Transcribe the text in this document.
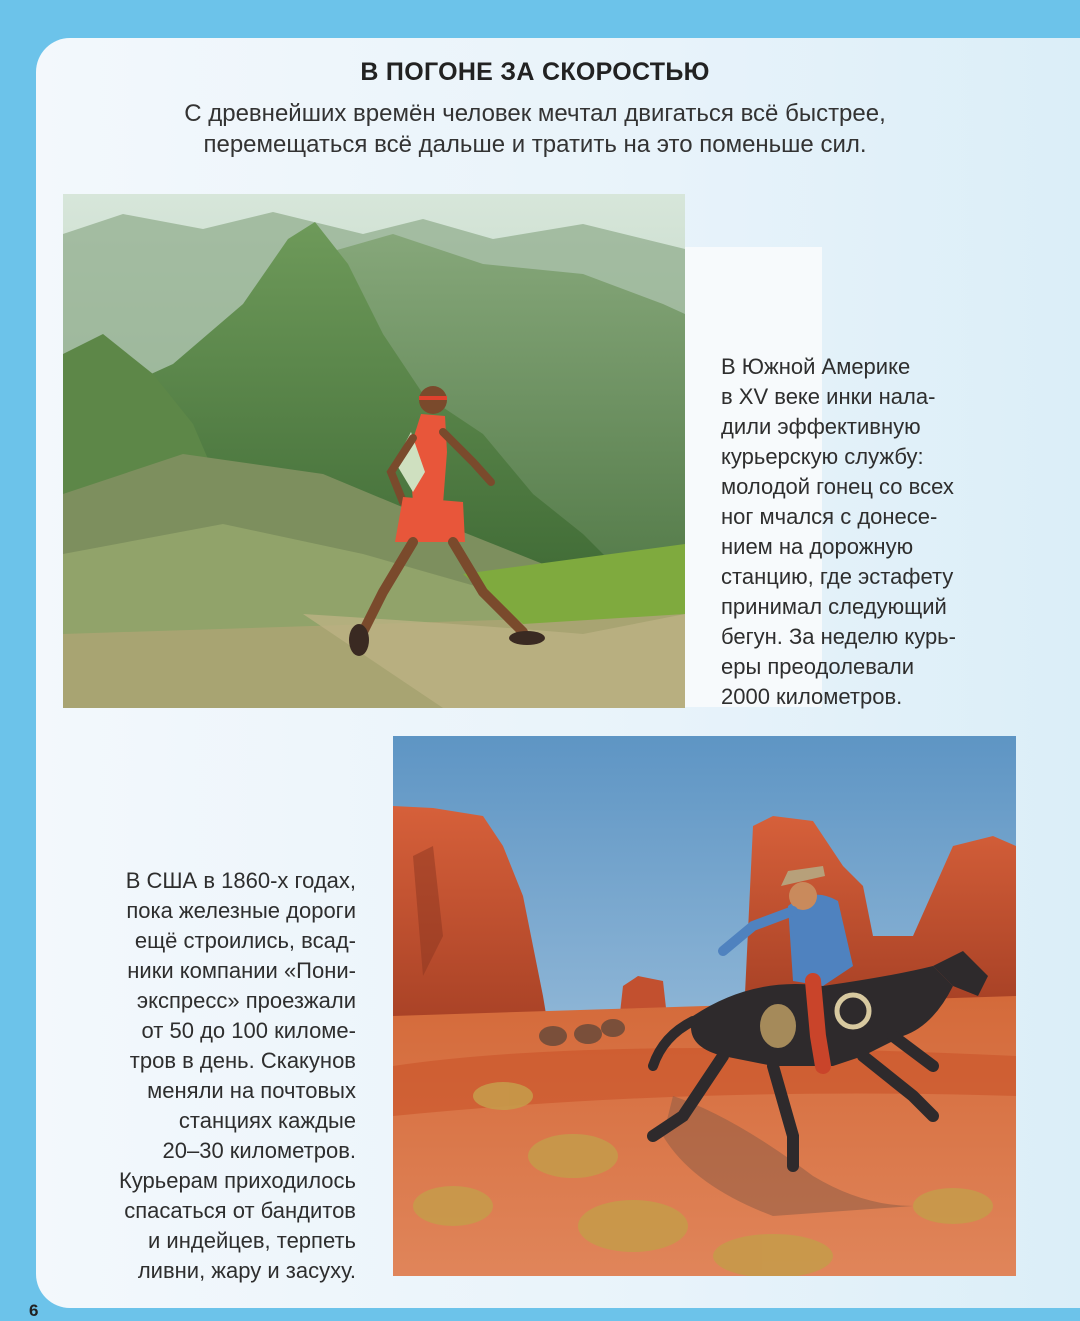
В ПОГОНЕ ЗА СКОРОСТЬЮ
С древнейших времён человек мечтал двигаться всё быстрее,
перемещаться всё дальше и тратить на это поменьше сил.
В Южной Америке
в XV веке инки нала-
дили эффективную
курьерскую службу:
молодой гонец со всех
ног мчался с донесе-
нием на дорожную
станцию, где эстафету
принимал следующий
бегун. За неделю курь-
еры преодолевали
2000 километров.
В США в 1860-х годах,
пока железные дороги
ещё строились, всад-
ники компании «Пони-
экспресс» проезжали
от 50 до 100 киломе-
тров в день. Скакунов
меняли на почтовых
станциях каждые
20–30 километров.
Курьерам приходилось
спасаться от бандитов
и индейцев, терпеть
ливни, жару и засуху.
6
